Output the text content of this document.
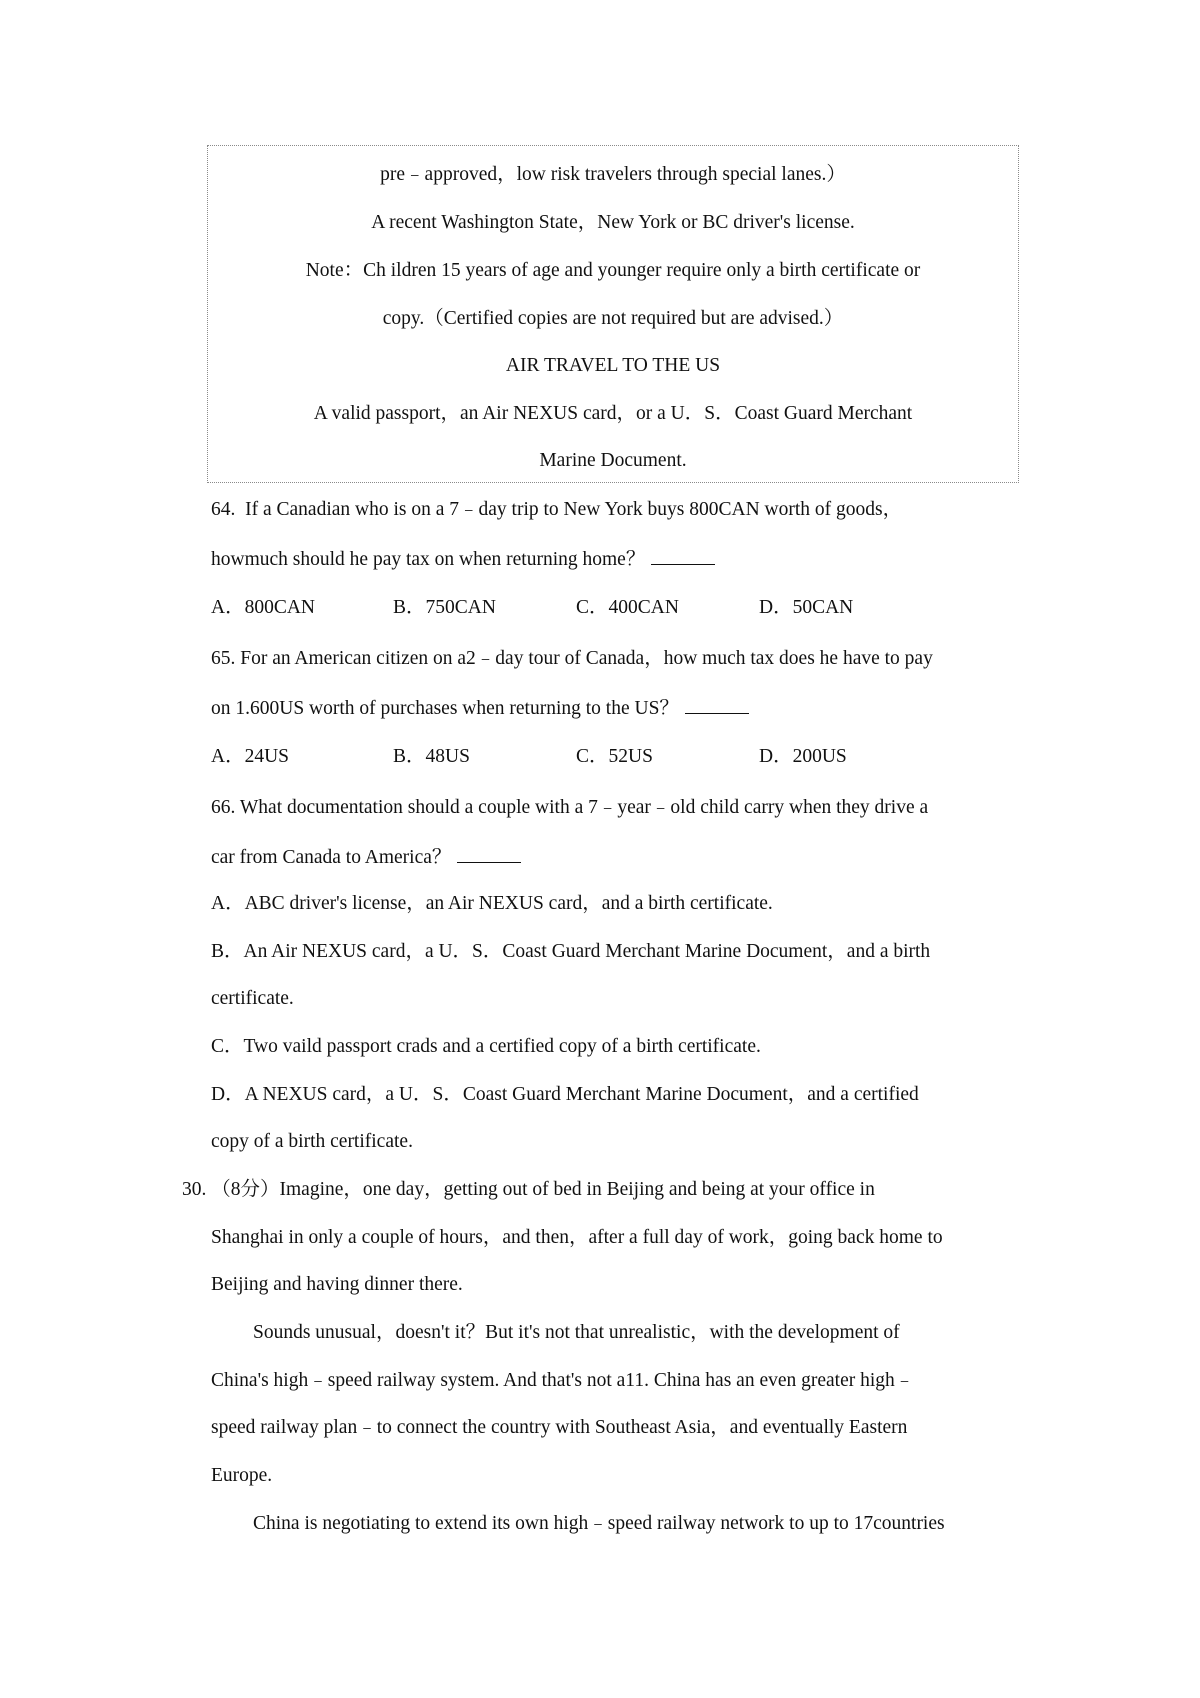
pre﹣approved，low risk travelers through special lanes.）
A recent Washington State，New York or BC driver's license.
Note：Ch ildren 15 years of age and younger require only a birth certificate or
copy.（Certified copies are not required but are advised.）
AIR TRAVEL TO THE US
A valid passport，an Air NEXUS card，or a U．S．Coast Guard Merchant
Marine Document.
64.  If a Canadian who is on a 7﹣day trip to New York buys 800CAN worth of goods，
howmuch should he pay tax on when returning home？
A．800CAN	B．750CAN	C．400CAN	D．50CAN
65. For an American citizen on a2﹣day tour of Canada，how much tax does he have to pay
on 1.600US worth of purchases when returning to the US？
A．24US	B．48US	C．52US	D．200US
66. What documentation should a couple with a 7﹣year﹣old child carry when they drive a
car from Canada to America？
A．ABC driver's license，an Air NEXUS card，and a birth certificate.
B．An Air NEXUS card，a U．S．Coast Guard Merchant Marine Document，and a birth
certificate.
C．Two vaild passport crads and a certified copy of a birth certificate.
D．A NEXUS card，a U．S．Coast Guard Merchant Marine Document，and a certified
copy of a birth certificate.
30. （8分）Imagine，one day，getting out of bed in Beijing and being at your office in
Shanghai in only a couple of hours，and then，after a full day of work，going back home to
Beijing and having dinner there.
Sounds unusual，doesn't it？But it's not that unrealistic，with the development of
China's high﹣speed railway system. And that's not a11. China has an even greater high﹣
speed railway plan﹣to connect the country with Southeast Asia，and eventually Eastern
Europe.
China is negotiating to extend its own high﹣speed railway network to up to 17countries
